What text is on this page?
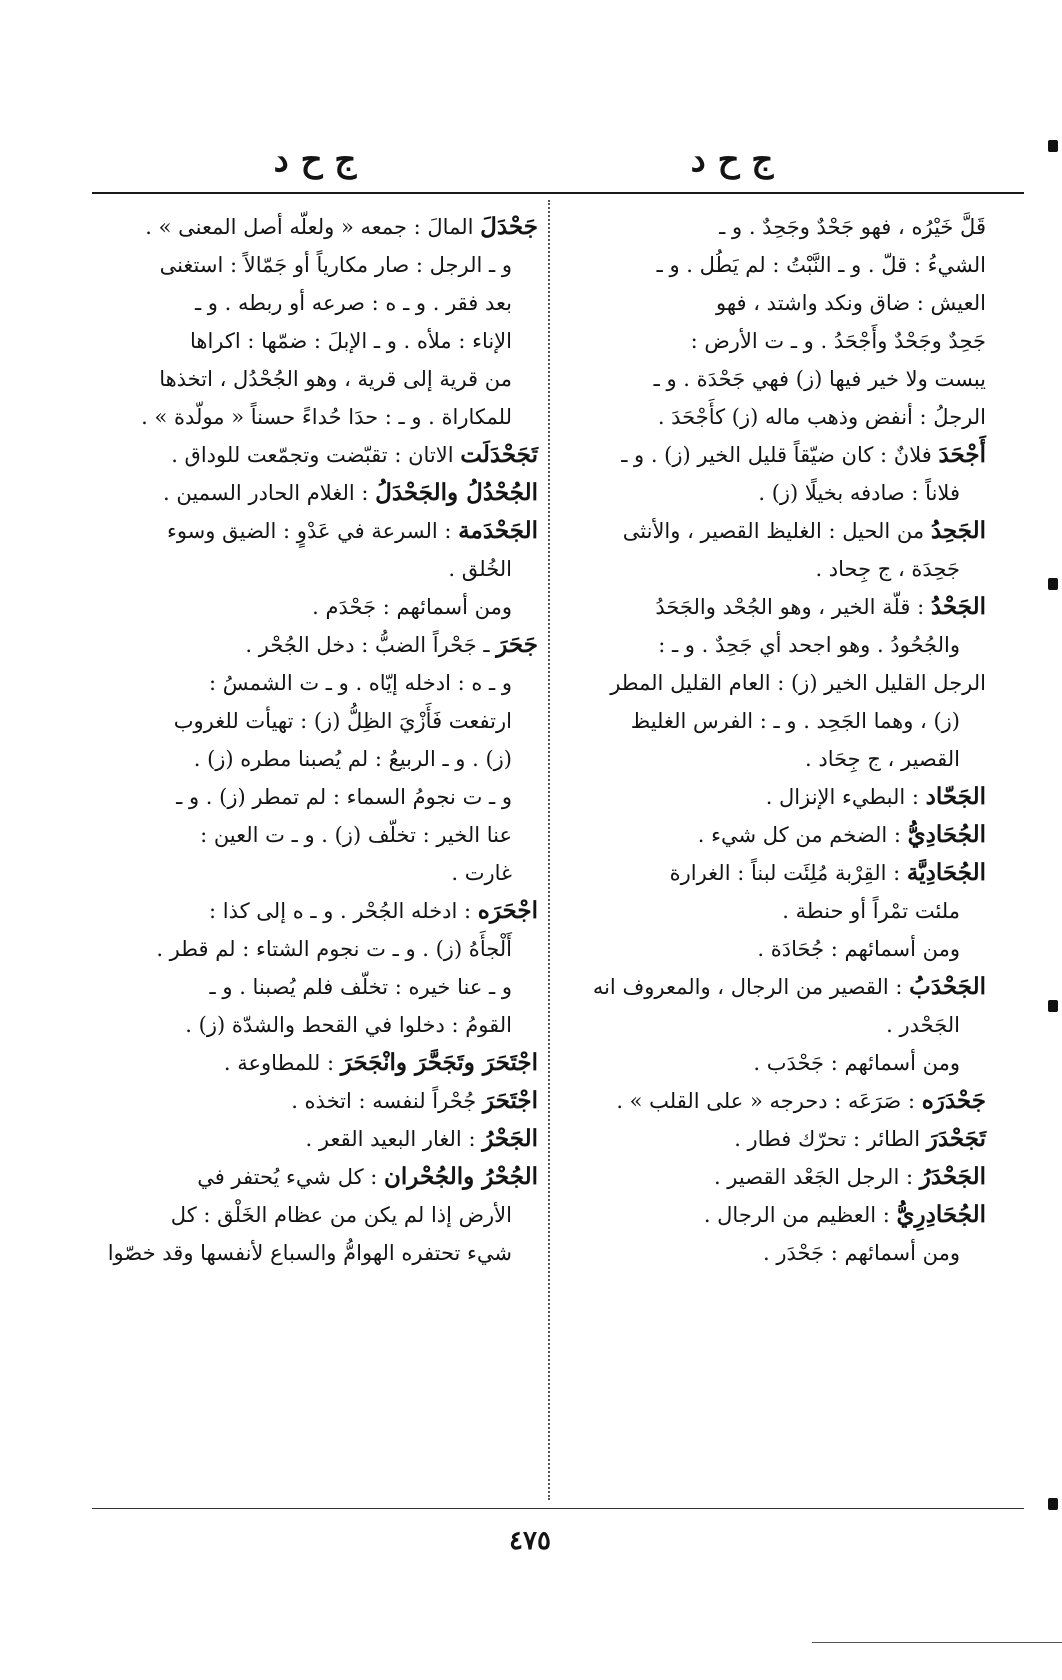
ج ح د
ج ح د

قَلَّ خَيْرُه ، فهو جَحْدٌ وجَحِدٌ . و ـ

الشيءُ : قلّ . و ـ النَّبْتُ : لم يَطُل . و ـ

العيش : ضاق ونكد واشتد ، فهو

جَحِدٌ وجَحْدٌ وأَجْحَدُ . و ـ ت الأرض :

يبست ولا خير فيها (ز) فهي جَحْدَة . و ـ

الرجلُ : أنفض وذهب ماله (ز) كأَجْحَدَ .

أَجْحَدَ فلانٌ : كان ضيّقاً قليل الخير (ز) . و ـ

فلاناً : صادفه بخيلًا (ز) .

الجَحِدُ من الحيل : الغليظ القصير ، والأنثى

جَحِدَة ، ج جِحاد .

الجَحْدُ : قلّة الخير ، وهو الجُحْد والجَحَدُ

والجُحُودُ . وهو اجحد أي جَحِدٌ . و ـ :

الرجل القليل الخير (ز) : العام القليل المطر

(ز) ، وهما الجَحِد . و ـ : الفرس الغليظ

القصير ، ج جِحَاد .

الجَحّاد : البطيء الإنزال .

الجُحَادِيُّ : الضخم من كل شيء .

الجُحَادِيَّة : القِرْبة مُلِئَت لبناً : الغرارة

ملئت تمْراً أو حنطة .

ومن أسمائهم : جُحَادَة .

الجَحْدَبُ : القصير من الرجال ، والمعروف انه

الجَحْدر .

ومن أسمائهم : جَحْدَب .

جَحْدَرَه : صَرَعَه : دحرجه « على القلب » .

تَجَحْدَرَ الطائر : تحرّك فطار .

الجَحْدَرُ : الرجل الجَعْد القصير .

الجُحَادِرِيُّ : العظيم من الرجال .

ومن أسمائهم : جَحْدَر .

جَحْدَلَ المالَ : جمعه « ولعلّه أصل المعنى » .

و ـ الرجل : صار مكارياً أو جَمّالاً : استغنى

بعد فقر . و ـ ه : صرعه أو ربطه . و ـ

الإناء : ملأه . و ـ الإبلَ : ضمّها : اكراها

من قرية إلى قرية ، وهو الجُحْدُل ، اتخذها

للمكاراة . و ـ : حدَا حُداءً حسناً « مولّدة » .

تَجَحْدَلَت الاتان : تقبّضت وتجمّعت للوداق .

الجُحْدُلُ والجَحْدَلُ : الغلام الحادر السمين .

الجَحْدَمة : السرعة في عَدْوٍ : الضيق وسوء

الخُلق .

ومن أسمائهم : جَحْدَم .

جَحَرَ ـ جَحْراً الضبُّ : دخل الجُحْر .

و ـ ه : ادخله إيّاه . و ـ ت الشمسُ :

ارتفعت فَأَزْيَ الظِلُّ (ز) : تهيأت للغروب

(ز) . و ـ الربيعُ : لم يُصبنا مطره (ز) .

و ـ ت نجومُ السماء : لم تمطر (ز) . و ـ

عنا الخير : تخلّف (ز) . و ـ ت العين :

غارت .

اجْحَرَه : ادخله الجُحْر . و ـ ه إلى كذا :

أَلْجأَهُ (ز) . و ـ ت نجوم الشتاء : لم قطر .

و ـ عنا خيره : تخلّف فلم يُصبنا . و ـ

القومُ : دخلوا في القحط والشدّة (ز) .

اجْتَحَرَ وتَجَحَّرَ وانْجَحَرَ : للمطاوعة .

اجْتَحَرَ جُحْراً لنفسه : اتخذه .

الجَحْرُ : الغار البعيد القعر .

الجُحْرُ والجُحْران : كل شيء يُحتفر في

الأرض إذا لم يكن من عظام الخَلْق : كل

شيء تحتفره الهوامُّ والسباع لأنفسها وقد خصّوا

٤٧٥
